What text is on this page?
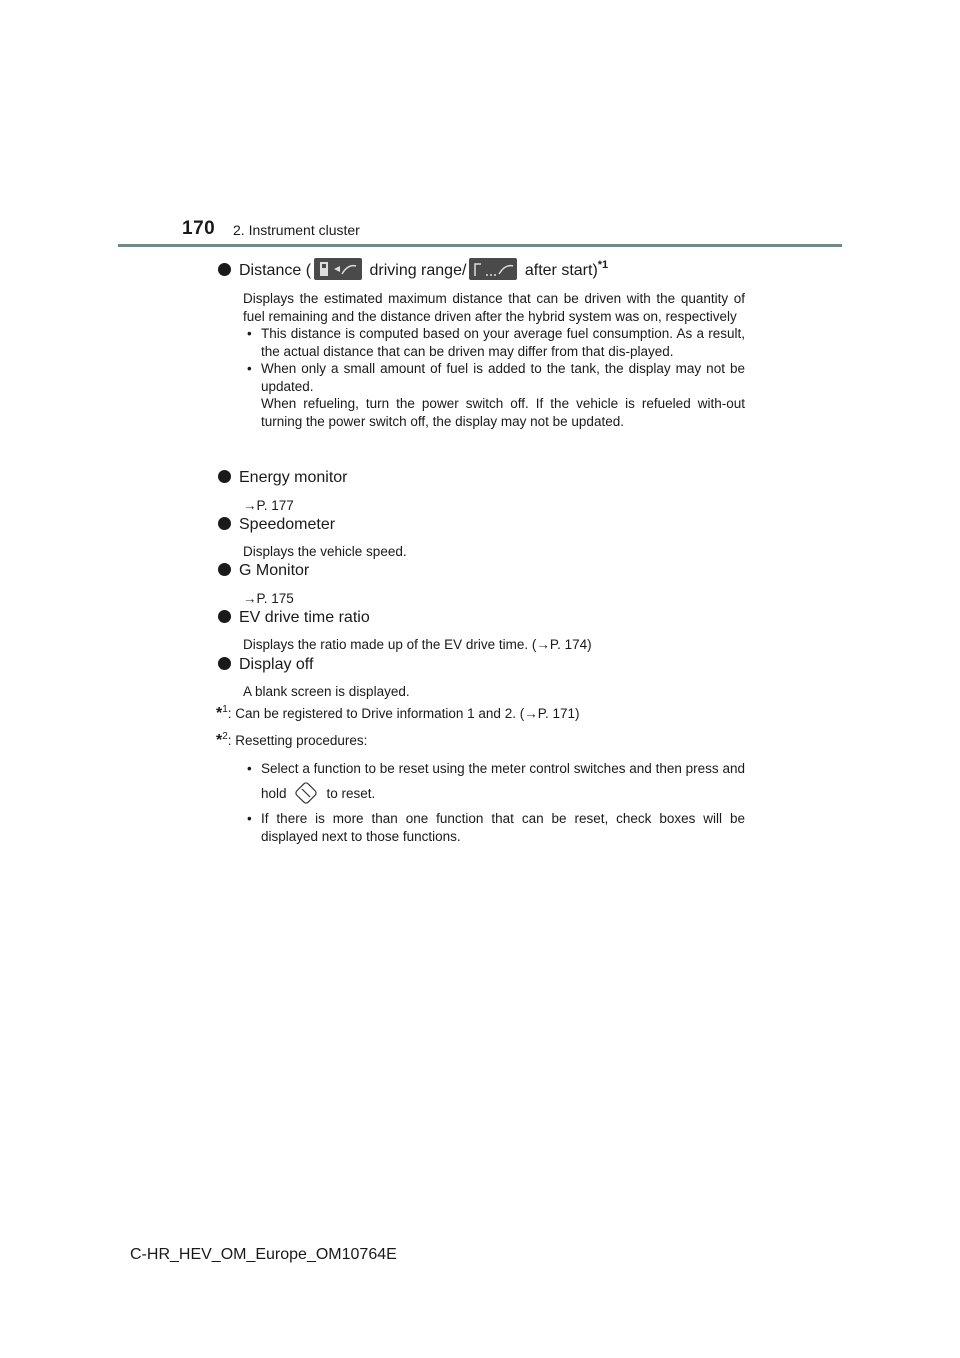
170 2. Instrument cluster
Distance (	driving range/	after start)$^{*1}$
Displays the estimated maximum distance that can be driven with the quantity of fuel remaining and the distance driven after the hybrid system was on, respectively
• This distance is computed based on your average fuel consumption. As a result, the actual distance that can be driven may differ from that dis-played.
• When only a small amount of fuel is added to the tank, the display may not be updated.
When refueling, turn the power switch off. If the vehicle is refueled with-out turning the power switch off, the display may not be updated.
Energy monitor
→P. 177
Speedometer
Displays the vehicle speed.
G Monitor
→P. 175
EV drive time ratio
Displays the ratio made up of the EV drive time. (→P. 174)
Display off
A blank screen is displayed.
*$^1$: Can be registered to Drive information 1 and 2. (→P. 171)
*$^2$: Resetting procedures:
• Select a function to be reset using the meter control switches and then press and hold	to reset.
• If there is more than one function that can be reset, check boxes will be displayed next to those functions.
C-HR_HEV_OM_Europe_OM10764E
